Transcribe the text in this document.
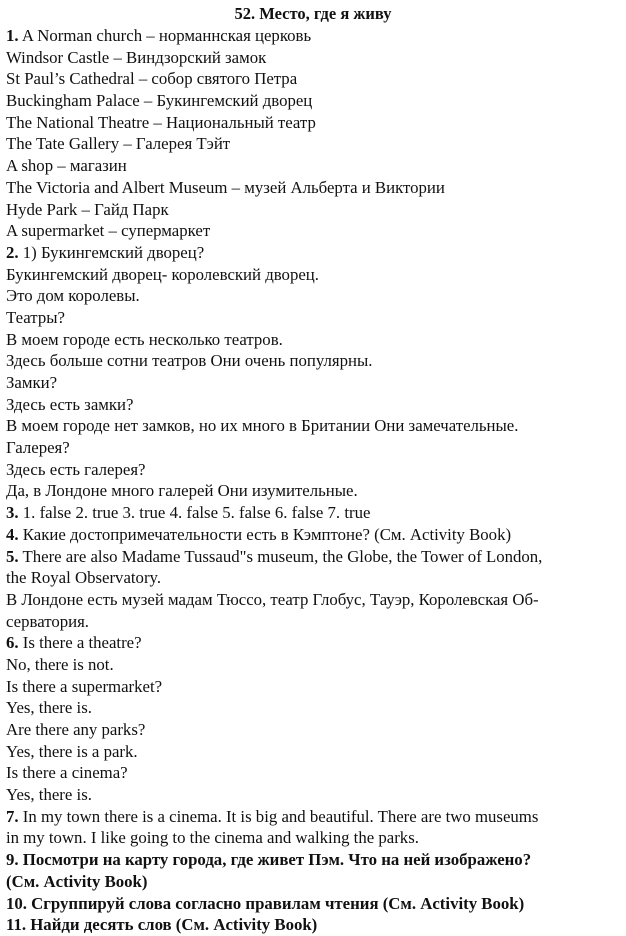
52. Место, где я живу
1. A Norman church – норманнская церковь
Windsor Castle – Виндзорский замок
St Paul’s Cathedral – собор святого Петра
Buckingham Palace – Букингемский дворец
The National Theatre – Национальный театр
The Tate Gallery – Галерея Тэйт
A shop – магазин
The Victoria and Albert Museum – музей Альберта и Виктории
Hyde Park – Гайд Парк
A supermarket – супермаркет
2. 1) Букингемский дворец?
Букингемский дворец- королевский дворец.
Это дом королевы.
Театры?
В моем городе есть несколько театров.
Здесь больше сотни театров Они очень популярны.
Замки?
Здесь есть замки?
В моем городе нет замков, но их много в Британии Они замечательные.
Галерея?
Здесь есть галерея?
Да, в Лондоне много галерей Они изумительные.
3. 1. false 2. true 3. true 4. false 5. false 6. false 7. true
4. Какие достопримечательности есть в Кэмптоне? (См. Activity Book)
5. There are also Madame Tussaud"s museum, the Globe, the Tower of London,
the Royal Observatory.
В Лондоне есть музей мадам Тюссо, театр Глобус, Тауэр, Королевская Об-
серватория.
6. Is there a theatre?
No, there is not.
Is there a supermarket?
Yes, there is.
Are there any parks?
Yes, there is a park.
Is there a cinema?
Yes, there is.
7. In my town there is a cinema. It is big and beautiful. There are two museums
in my town. I like going to the cinema and walking the parks.
9. Посмотри на карту города, где живет Пэм. Что на ней изображено?
(См. Activity Book)
10. Сгруппируй слова согласно правилам чтения (См. Activity Book)
11. Найди десять слов (См. Activity Book)
